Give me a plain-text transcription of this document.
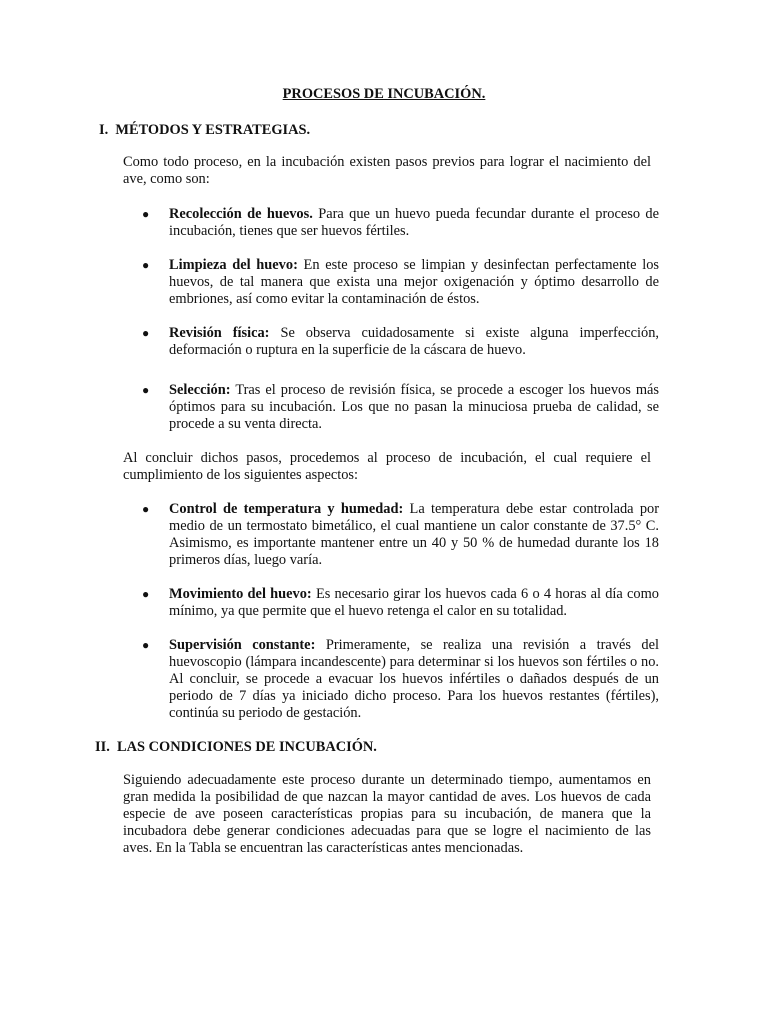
PROCESOS DE INCUBACIÓN.
I. MÉTODOS Y ESTRATEGIAS.

Como todo proceso, en la incubación existen pasos previos para lograr el nacimiento del ave, como son:

● Recolección de huevos. Para que un huevo pueda fecundar durante el proceso de incubación, tienes que ser huevos fértiles.

● Limpieza del huevo: En este proceso se limpian y desinfectan perfectamente los huevos, de tal manera que exista una mejor oxigenación y óptimo desarrollo de embriones, así como evitar la contaminación de éstos.

● Revisión física: Se observa cuidadosamente si existe alguna imperfección, deformación o ruptura en la superficie de la cáscara de huevo.

● Selección: Tras el proceso de revisión física, se procede a escoger los huevos más óptimos para su incubación. Los que no pasan la minuciosa prueba de calidad, se procede a su venta directa.

Al concluir dichos pasos, procedemos al proceso de incubación, el cual requiere el cumplimiento de los siguientes aspectos:

● Control de temperatura y humedad: La temperatura debe estar controlada por medio de un termostato bimetálico, el cual mantiene un calor constante de 37.5° C. Asimismo, es importante mantener entre un 40 y 50 % de humedad durante los 18 primeros días, luego varía.

● Movimiento del huevo: Es necesario girar los huevos cada 6 o 4 horas al día como mínimo, ya que permite que el huevo retenga el calor en su totalidad.

● Supervisión constante: Primeramente, se realiza una revisión a través del huevoscopio (lámpara incandescente) para determinar si los huevos son fértiles o no. Al concluir, se procede a evacuar los huevos infértiles o dañados después de un periodo de 7 días ya iniciado dicho proceso. Para los huevos restantes (fértiles), continúa su periodo de gestación.

II. LAS CONDICIONES DE INCUBACIÓN.

Siguiendo adecuadamente este proceso durante un determinado tiempo, aumentamos en gran medida la posibilidad de que nazcan la mayor cantidad de aves. Los huevos de cada especie de ave poseen características propias para su incubación, de manera que la incubadora debe generar condiciones adecuadas para que se logre el nacimiento de las aves. En la Tabla se encuentran las características antes mencionadas.
